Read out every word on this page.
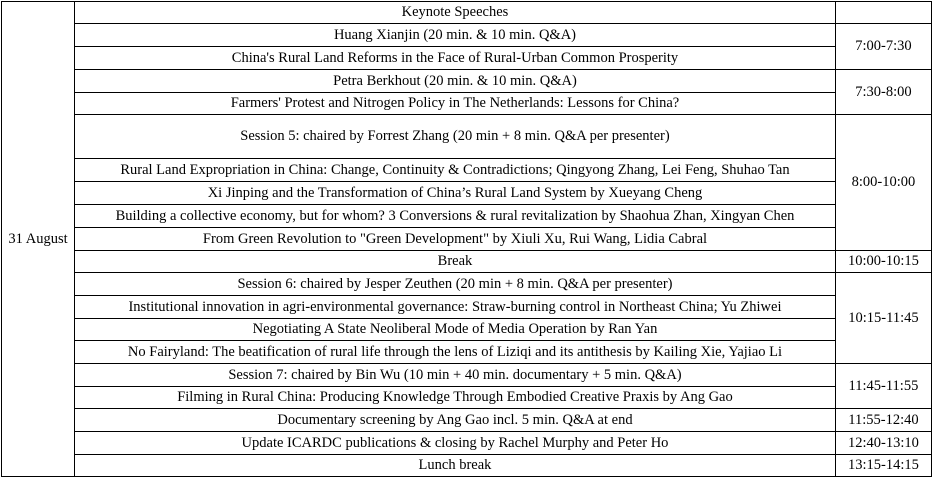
31 August	Keynote Speeches	
	Huang Xianjin (20 min. & 10 min. Q&A)	7:00-7:30
	China's Rural Land Reforms in the Face of Rural-Urban Common Prosperity	
	Petra Berkhout (20 min. & 10 min. Q&A)	7:30-8:00
	Farmers' Protest and Nitrogen Policy in The Netherlands: Lessons for China?	
	Session 5: chaired by Forrest Zhang (20 min + 8 min. Q&A per presenter)	8:00-10:00
	Rural Land Expropriation in China: Change, Continuity & Contradictions; Qingyong Zhang, Lei Feng, Shuhao Tan	
	Xi Jinping and the Transformation of China’s Rural Land System by Xueyang Cheng	
	Building a collective economy, but for whom? 3 Conversions & rural revitalization by Shaohua Zhan, Xingyan Chen	
	From Green Revolution to "Green Development" by Xiuli Xu, Rui Wang, Lidia Cabral	
	Break	10:00-10:15
	Session 6: chaired by Jesper Zeuthen (20 min + 8 min. Q&A per presenter)	10:15-11:45
	Institutional innovation in agri-environmental governance: Straw-burning control in Northeast China; Yu Zhiwei	
	Negotiating A State Neoliberal Mode of Media Operation by Ran Yan	
	No Fairyland: The beatification of rural life through the lens of Liziqi and its antithesis by Kailing Xie, Yajiao Li	
	Session 7: chaired by Bin Wu (10 min + 40 min. documentary + 5 min. Q&A)	11:45-11:55
	Filming in Rural China: Producing Knowledge Through Embodied Creative Praxis by Ang Gao	
	Documentary screening by Ang Gao incl. 5 min. Q&A at end	11:55-12:40
	Update ICARDC publications & closing by Rachel Murphy and Peter Ho	12:40-13:10
	Lunch break	13:15-14:15
